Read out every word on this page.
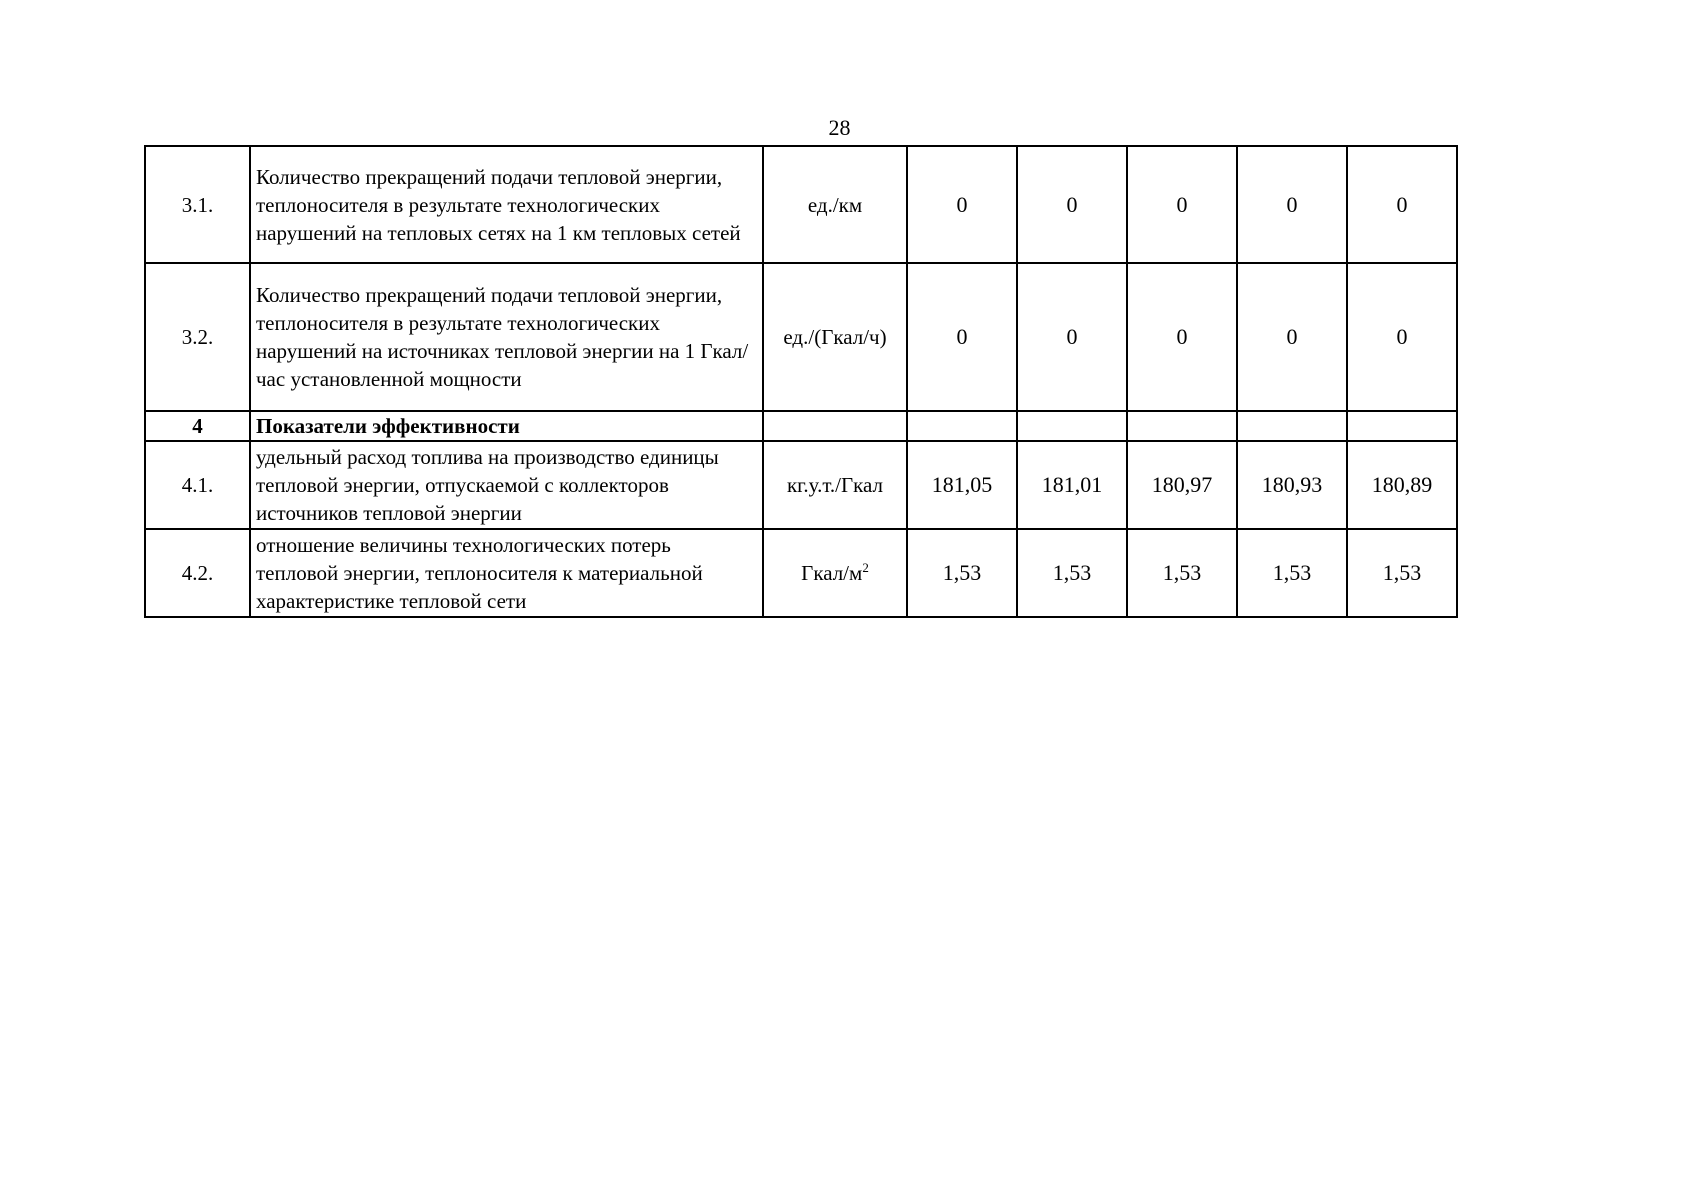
28
3.1.	Количество прекращений подачи тепловой энергии, теплоносителя в результате технологических нарушений на тепловых сетях на 1 км тепловых сетей	ед./км	0	0	0	0	0
3.2.	Количество прекращений подачи тепловой энергии, теплоносителя в результате технологических нарушений на источниках тепловой энергии на 1 Гкал/час установленной мощности	ед./(Гкал/ч)	0	0	0	0	0
4	Показатели эффективности						
4.1.	удельный расход топлива на производство единицы тепловой энергии, отпускаемой с коллекторов источников тепловой энергии	кг.у.т./Гкал	181,05	181,01	180,97	180,93	180,89
4.2.	отношение величины технологических потерь тепловой энергии, теплоносителя к материальной характеристике тепловой сети	Гкал/$м^2$	1,53	1,53	1,53	1,53	1,53
